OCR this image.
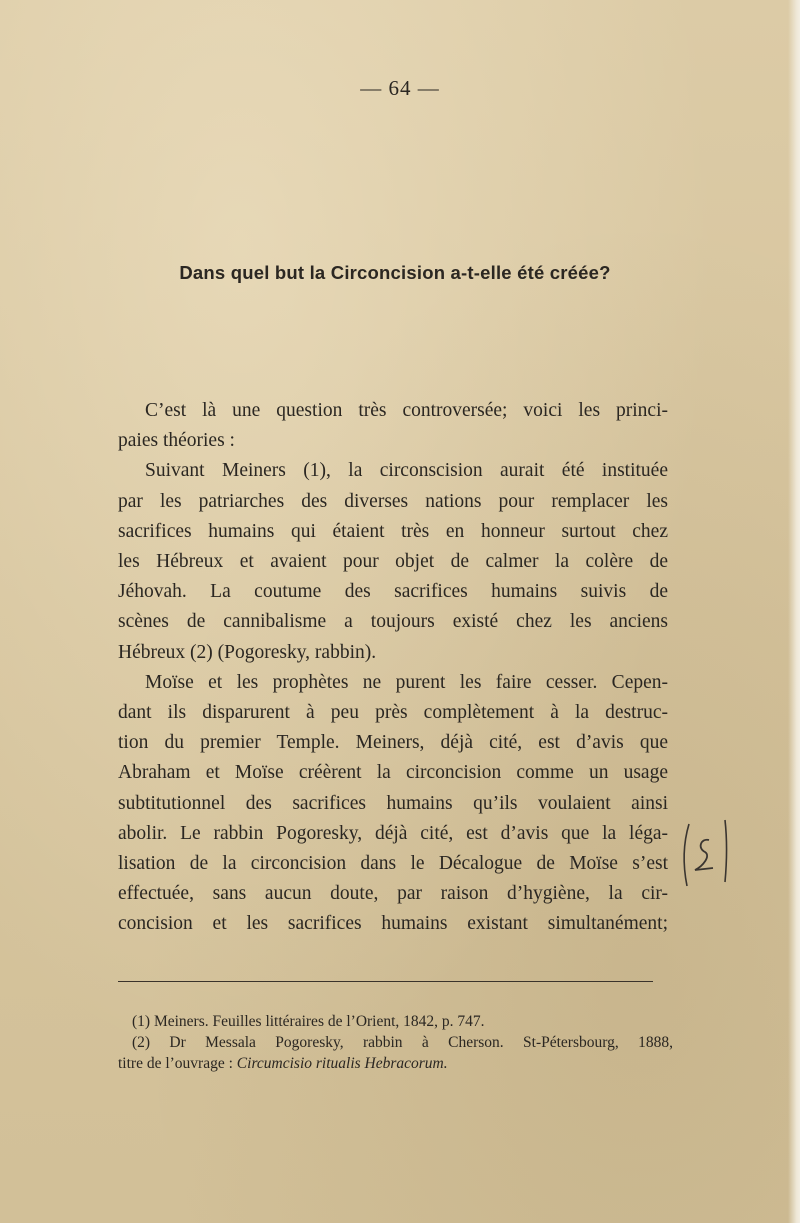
— 64 —
Dans quel but la Circoncision a-t-elle été créée?
C’est là une question très controversée; voici les princi-
paies théories :
Suivant Meiners (1), la circonscision aurait été instituée
par les patriarches des diverses nations pour remplacer les
sacrifices humains qui étaient très en honneur surtout chez
les Hébreux et avaient pour objet de calmer la colère de
Jéhovah. La coutume des sacrifices humains suivis de
scènes de cannibalisme a toujours existé chez les anciens
Hébreux (2) (Pogoresky, rabbin).
Moïse et les prophètes ne purent les faire cesser. Cepen-
dant ils disparurent à peu près complètement à la destruc-
tion du premier Temple. Meiners, déjà cité, est d’avis que
Abraham et Moïse créèrent la circoncision comme un usage
subtitutionnel des sacrifices humains qu’ils voulaient ainsi
abolir. Le rabbin Pogoresky, déjà cité, est d’avis que la léga-
lisation de la circoncision dans le Décalogue de Moïse s’est
effectuée, sans aucun doute, par raison d’hygiène, la cir-
concision et les sacrifices humains existant simultanément;
(1) Meiners. Feuilles littéraires de l’Orient, 1842, p. 747.
(2) Dr Messala Pogoresky, rabbin à Cherson. St-Pétersbourg, 1888,
titre de l’ouvrage : Circumcisio ritualis Hebracorum.
